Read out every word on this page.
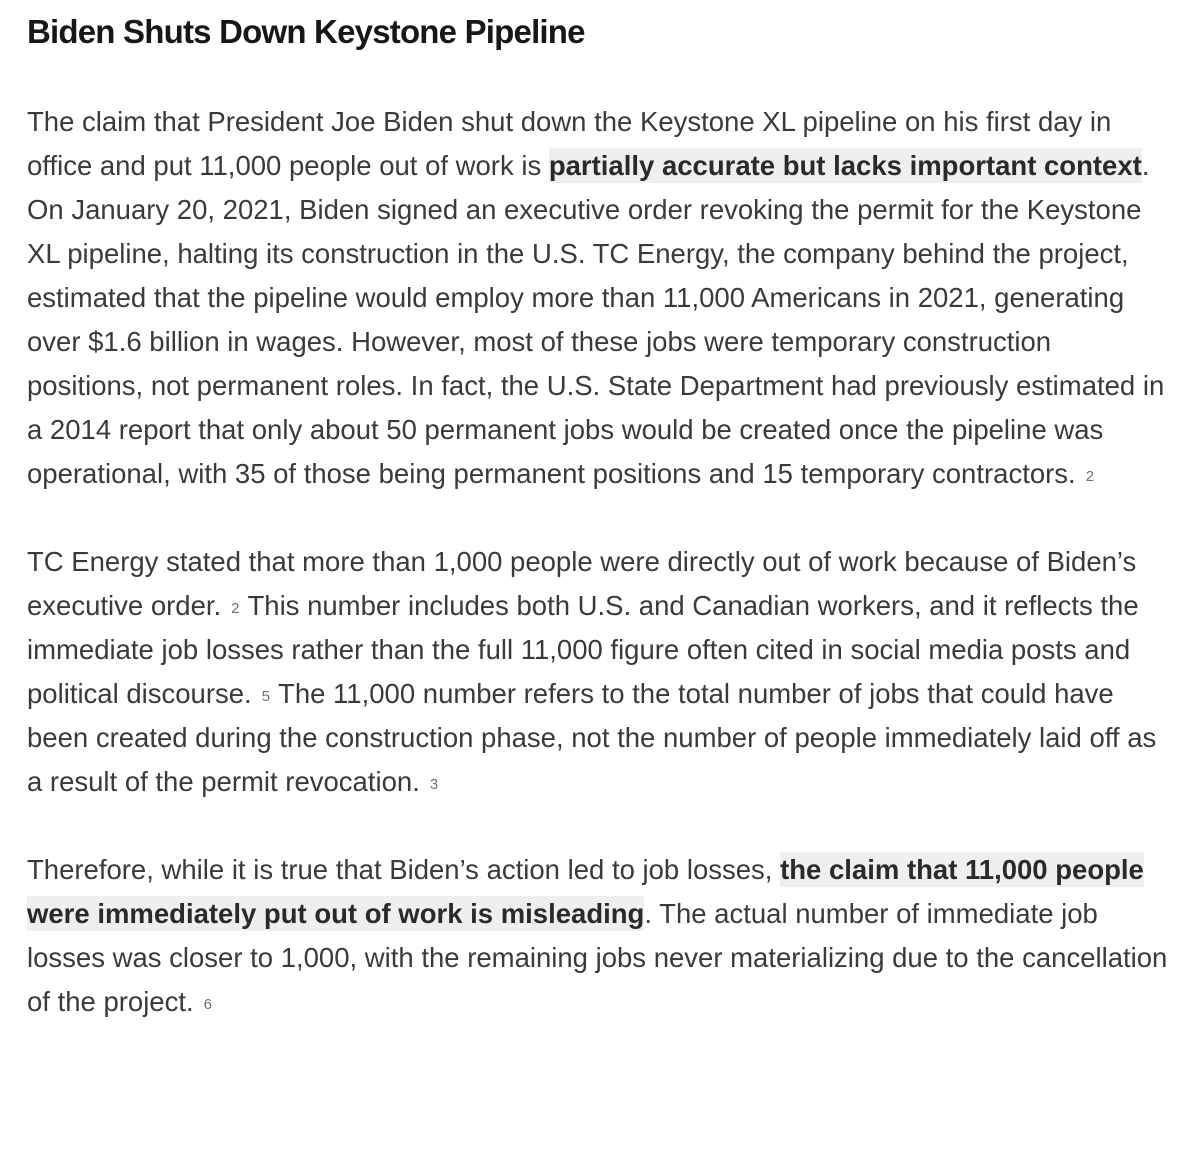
Biden Shuts Down Keystone Pipeline

The claim that President Joe Biden shut down the Keystone XL pipeline on his first day in office and put 11,000 people out of work is partially accurate but lacks important context. On January 20, 2021, Biden signed an executive order revoking the permit for the Keystone XL pipeline, halting its construction in the U.S. TC Energy, the company behind the project, estimated that the pipeline would employ more than 11,000 Americans in 2021, generating over $1.6 billion in wages. However, most of these jobs were temporary construction positions, not permanent roles. In fact, the U.S. State Department had previously estimated in a 2014 report that only about 50 permanent jobs would be created once the pipeline was operational, with 35 of those being permanent positions and 15 temporary contractors. 2

TC Energy stated that more than 1,000 people were directly out of work because of Biden’s executive order. 2 This number includes both U.S. and Canadian workers, and it reflects the immediate job losses rather than the full 11,000 figure often cited in social media posts and political discourse. 5 The 11,000 number refers to the total number of jobs that could have been created during the construction phase, not the number of people immediately laid off as a result of the permit revocation. 3

Therefore, while it is true that Biden’s action led to job losses, the claim that 11,000 people were immediately put out of work is misleading. The actual number of immediate job losses was closer to 1,000, with the remaining jobs never materializing due to the cancellation of the project. 6
